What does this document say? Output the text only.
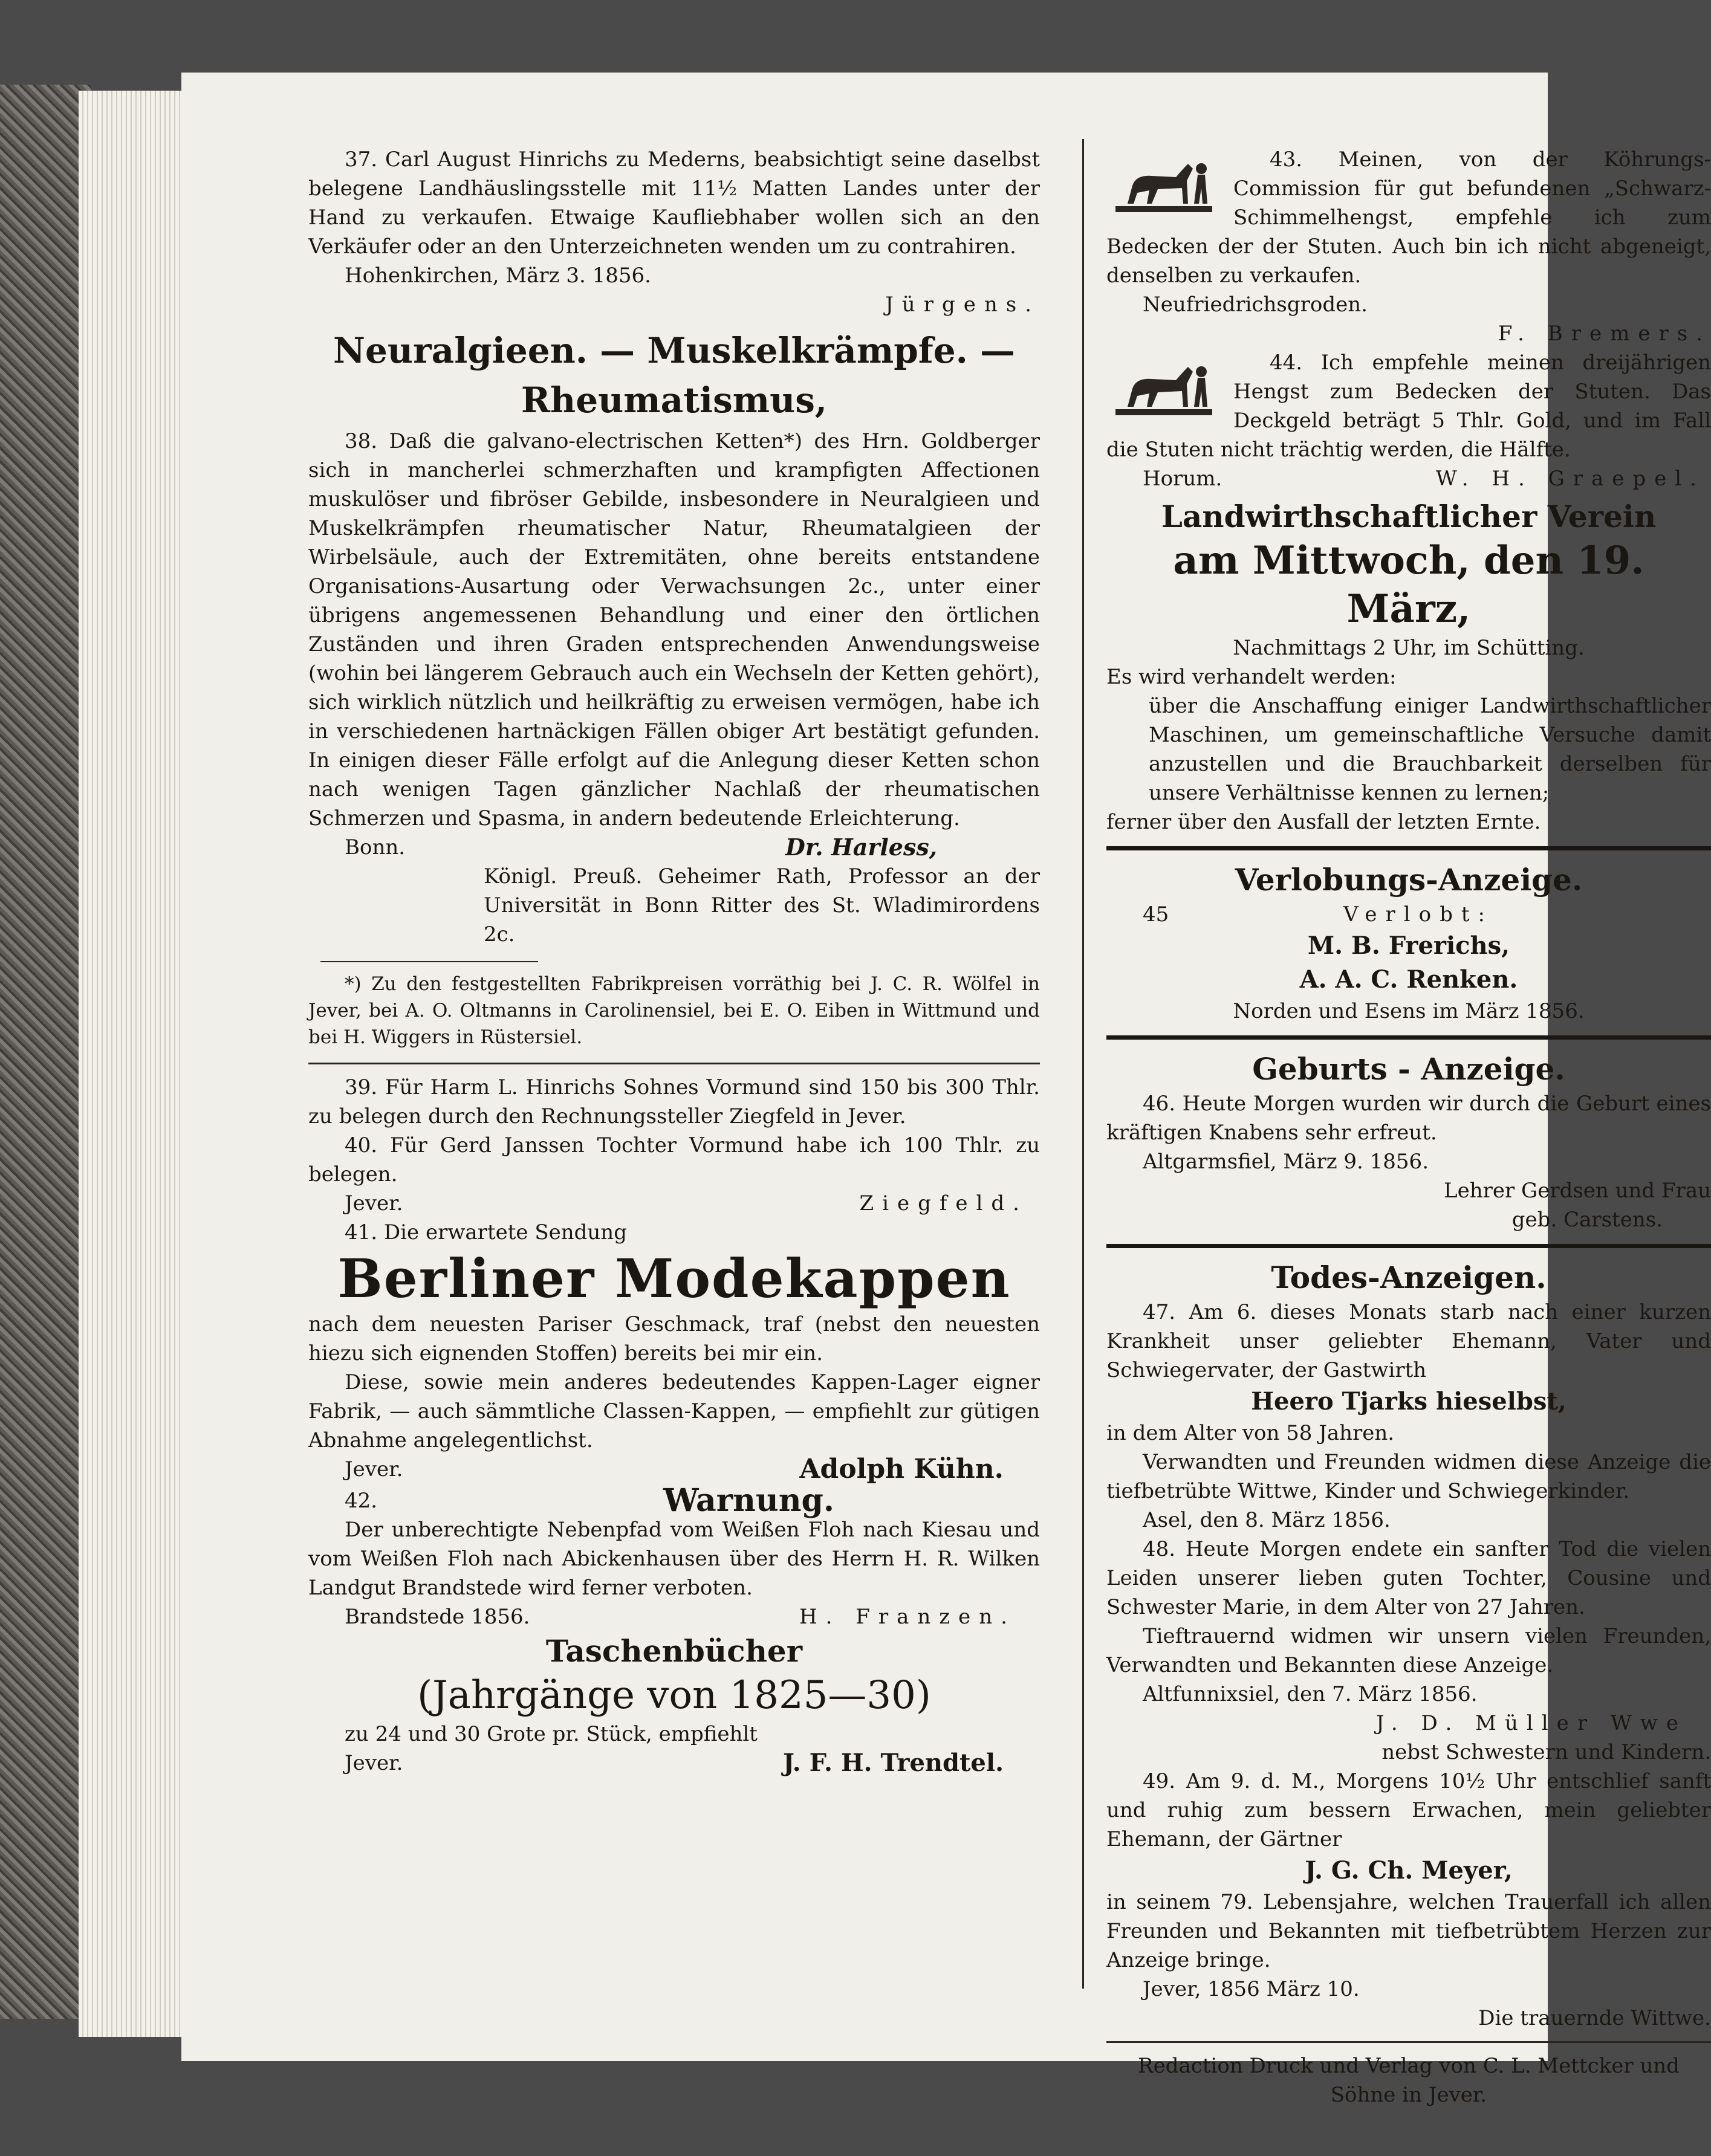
37. Carl August Hinrichs zu Mederns, beabsichtigt seine daselbst belegene Landhäuslingsstelle mit 11½ Matten Landes unter der Hand zu verkaufen. Etwaige Kaufliebhaber wollen sich an den Verkäufer oder an den Unterzeichneten wenden um zu contrahiren.

Hohenkirchen, März 3. 1856.

Jürgens.

Neuralgieen. — Muskelkrämpfe. —
Rheumatismus,

38. Daß die galvano-electrischen Ketten*) des Hrn. Goldberger sich in mancherlei schmerzhaften und krampfigten Affectionen muskulöser und fibröser Gebilde, insbesondere in Neuralgieen und Muskelkrämpfen rheumatischer Natur, Rheumatalgieen der Wirbelsäule, auch der Extremitäten, ohne bereits entstandene Organisations-Ausartung oder Verwachsungen 2c., unter einer übrigens angemessenen Behandlung und einer den örtlichen Zuständen und ihren Graden entsprechenden Anwendungsweise (wohin bei längerem Gebrauch auch ein Wechseln der Ketten gehört), sich wirklich nützlich und heilkräftig zu erweisen vermögen, habe ich in verschiedenen hartnäckigen Fällen obiger Art bestätigt gefunden. In einigen dieser Fälle erfolgt auf die Anlegung dieser Ketten schon nach wenigen Tagen gänzlicher Nachlaß der rheumatischen Schmerzen und Spasma, in andern bedeutende Erleichterung.

Bonn.	Dr. Harless,

Königl. Preuß. Geheimer Rath, Professor an der Universität in Bonn Ritter des St. Wladimirordens 2c.

*) Zu den festgestellten Fabrikpreisen vorräthig bei J. C. R. Wölfel in Jever, bei A. O. Oltmanns in Carolinensiel, bei E. O. Eiben in Wittmund und bei H. Wiggers in Rüstersiel.

39. Für Harm L. Hinrichs Sohnes Vormund sind 150 bis 300 Thlr. zu belegen durch den Rechnungssteller Ziegfeld in Jever.

40. Für Gerd Janssen Tochter Vormund habe ich 100 Thlr. zu belegen.

Jever.	Ziegfeld.

41. Die erwartete Sendung

Berliner Modekappen

nach dem neuesten Pariser Geschmack, traf (nebst den neuesten hiezu sich eignenden Stoffen) bereits bei mir ein.

Diese, sowie mein anderes bedeutendes Kappen-Lager eigner Fabrik, — auch sämmtliche Classen-Kappen, — empfiehlt zur gütigen Abnahme angelegentlichst.

Jever.	Adolph Kühn.
42.	Warnung.

Der unberechtigte Nebenpfad vom Weißen Floh nach Kiesau und vom Weißen Floh nach Abickenhausen über des Herrn H. R. Wilken Landgut Brandstede wird ferner verboten.

Brandstede 1856.	H. Franzen.
Taschenbücher
(Jahrgänge von 1825—30)

zu 24 und 30 Grote pr. Stück, empfiehlt

Jever.	J. F. H. Trendtel.

43. Meinen, von der Köhrungs-Commission für gut befundenen „Schwarz-Schimmelhengst, empfehle ich zum Bedecken der der Stuten. Auch bin ich nicht abgeneigt, denselben zu verkaufen.

Neufriedrichsgroden.

F. Bremers.

44. Ich empfehle meinen dreijährigen Hengst zum Bedecken der Stuten. Das Deckgeld beträgt 5 Thlr. Gold, und im Fall die Stuten nicht trächtig werden, die Hälfte.

Horum.	W. H. Graepel.
Landwirthschaftlicher Verein
am Mittwoch, den 19. März,

Nachmittags 2 Uhr, im Schütting.

Es wird verhandelt werden:

über die Anschaffung einiger Landwirthschaftlicher Maschinen, um gemeinschaftliche Versuche damit anzustellen und die Brauchbarkeit derselben für unsere Verhältnisse kennen zu lernen;

ferner über den Ausfall der letzten Ernte.

Verlobungs-Anzeige.
45	Verlobt:
M. B. Frerichs,
A. A. C. Renken.

Norden und Esens im März 1856.

Geburts - Anzeige.

46. Heute Morgen wurden wir durch die Geburt eines kräftigen Knabens sehr erfreut.

Altgarmsfiel, März 9. 1856.

Lehrer Gerdsen und Frau

geb. Carstens.

Todes-Anzeigen.

47. Am 6. dieses Monats starb nach einer kurzen Krankheit unser geliebter Ehemann, Vater und Schwiegervater, der Gastwirth

Heero Tjarks hieselbst,

in dem Alter von 58 Jahren.

Verwandten und Freunden widmen diese Anzeige die tiefbetrübte Wittwe, Kinder und Schwiegerkinder.

Asel, den 8. März 1856.

48. Heute Morgen endete ein sanfter Tod die vielen Leiden unserer lieben guten Tochter, Cousine und Schwester Marie, in dem Alter von 27 Jahren.

Tieftrauernd widmen wir unsern vielen Freunden, Verwandten und Bekannten diese Anzeige.

Altfunnixsiel, den 7. März 1856.

J. D. Müller Wwe

nebst Schwestern und Kindern.

49. Am 9. d. M., Morgens 10½ Uhr entschlief sanft und ruhig zum bessern Erwachen, mein geliebter Ehemann, der Gärtner

J. G. Ch. Meyer,

in seinem 79. Lebensjahre, welchen Trauerfall ich allen Freunden und Bekannten mit tiefbetrübtem Herzen zur Anzeige bringe.

Jever, 1856 März 10.

Die trauernde Wittwe.

Redaction Druck und Verlag von C. L. Mettcker und Söhne in Jever.
